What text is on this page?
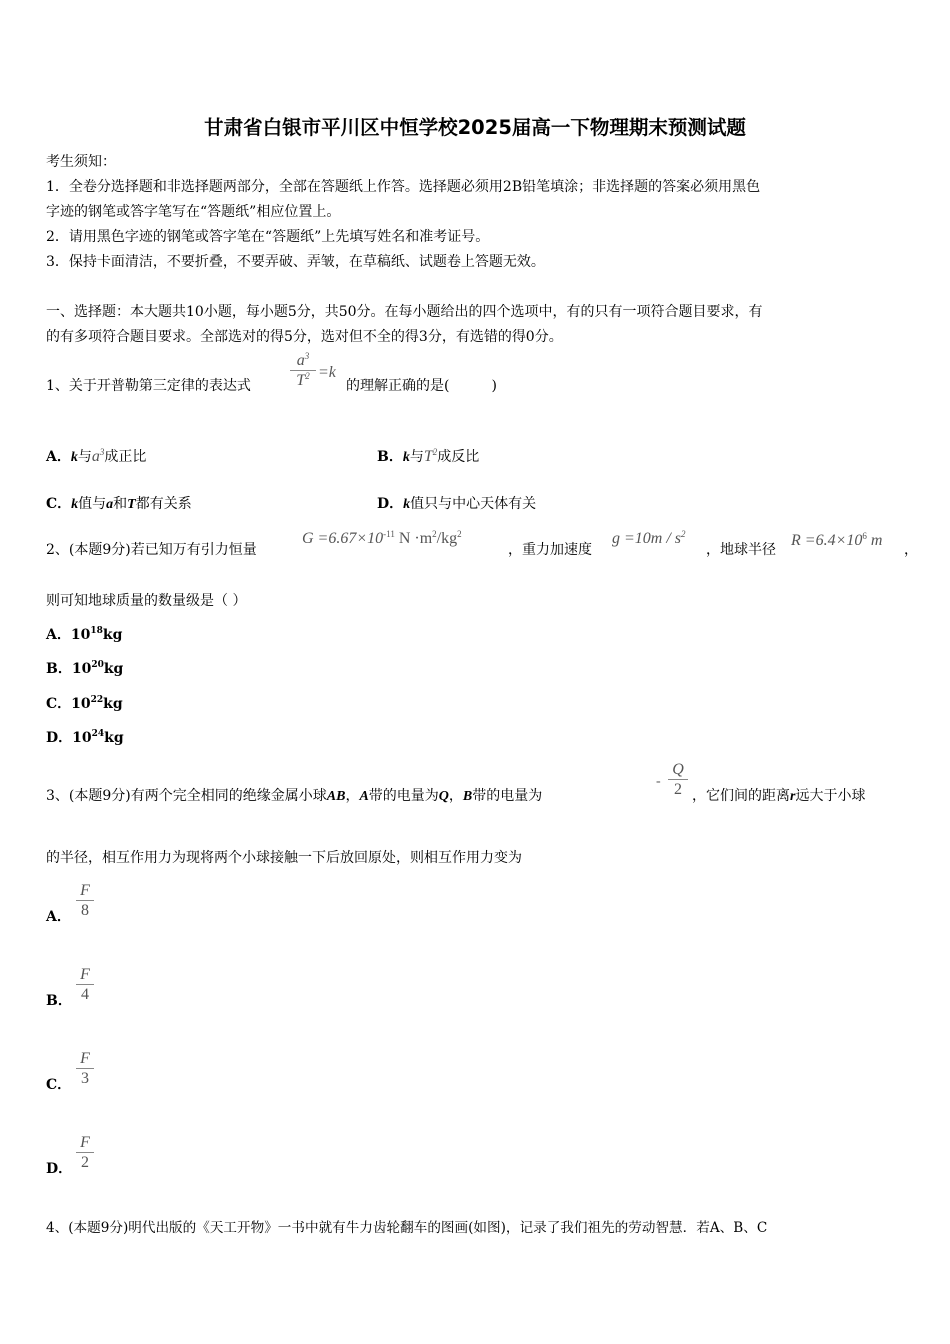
甘肃省白银市平川区中恒学校2025届高一下物理期末预测试题
考生须知：
1．全卷分选择题和非选择题两部分，全部在答题纸上作答。选择题必须用2B铅笔填涂；非选择题的答案必须用黑色
字迹的钢笔或答字笔写在“答题纸”相应位置上。
2．请用黑色字迹的钢笔或答字笔在“答题纸”上先填写姓名和准考证号。
3．保持卡面清洁，不要折叠，不要弄破、弄皱，在草稿纸、试题卷上答题无效。
一、选择题：本大题共10小题，每小题5分，共50分。在每小题给出的四个选项中，有的只有一项符合题目要求，有
的有多项符合题目要求。全部选对的得5分，选对但不全的得3分，有选错的得0分。
1、关于开普勒第三定律的表达式
$a^3$
$T^2 =k$
的理解正确的是(　　　)
A．k与$a^3$成正比	B．k与$T^2$成反比
C．k值与a和T都有关系	D．k值只与中心天体有关
2、(本题9分)若已知万有引力恒量
$G =6.67\times 10^{-11}$ $N \cdot m^2/kg^2$
，重力加速度
$g =10m / s^2$
，地球半径
$R =6.4\times 10^6$ m
，
则可知地球质量的数量级是（ ）
A．$10^{18}kg$
B．$10^{20}kg$
C．$10^{22}kg$
D．$10^{24}kg$
3、(本题9分)有两个完全相同的绝缘金属小球AB，A带的电量为Q，B带的电量为
-
Q
2 ，它们间的距离r远大于小球
的半径，相互作用力为现将两个小球接触一下后放回原处，则相互作用力变为
A．
F
8
B．
F
4
C．
F
3
D．
F
2
4、(本题9分)明代出版的《天工开物》一书中就有牛力齿轮翻车的图画(如图)，记录了我们祖先的劳动智慧．若A、B、C
